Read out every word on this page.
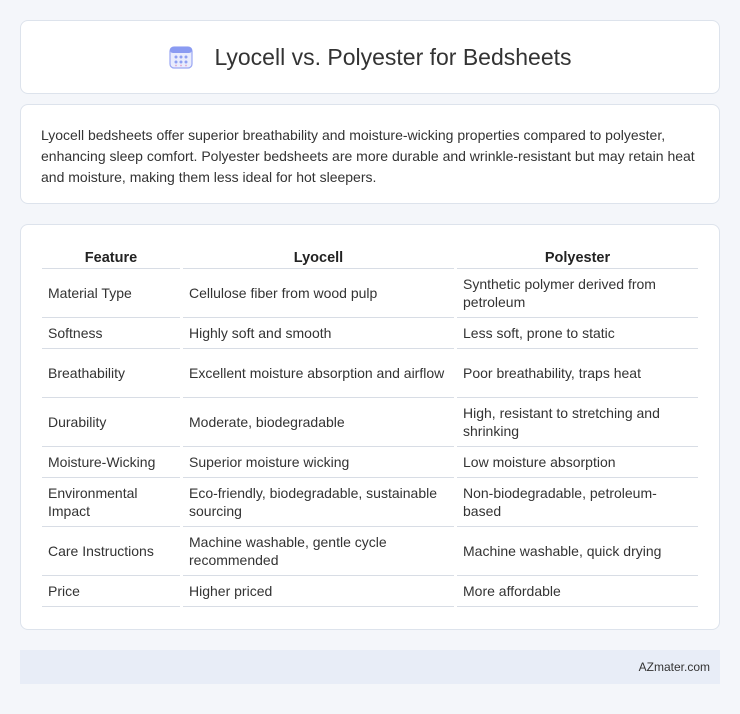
Lyocell vs. Polyester for Bedsheets

Lyocell bedsheets offer superior breathability and moisture-wicking properties compared to polyester, enhancing sleep comfort. Polyester bedsheets are more durable and wrinkle-resistant but may retain heat and moisture, making them less ideal for hot sleepers.

Feature	Lyocell	Polyester
Material Type	Cellulose fiber from wood pulp	Synthetic polymer derived from petroleum
Softness	Highly soft and smooth	Less soft, prone to static
Breathability	Excellent moisture absorption and airflow	Poor breathability, traps heat
Durability	Moderate, biodegradable	High, resistant to stretching and shrinking
Moisture-Wicking	Superior moisture wicking	Low moisture absorption
Environmental Impact	Eco-friendly, biodegradable, sustainable sourcing	Non-biodegradable, petroleum-based
Care Instructions	Machine washable, gentle cycle recommended	Machine washable, quick drying
Price	Higher priced	More affordable
AZmater.com
